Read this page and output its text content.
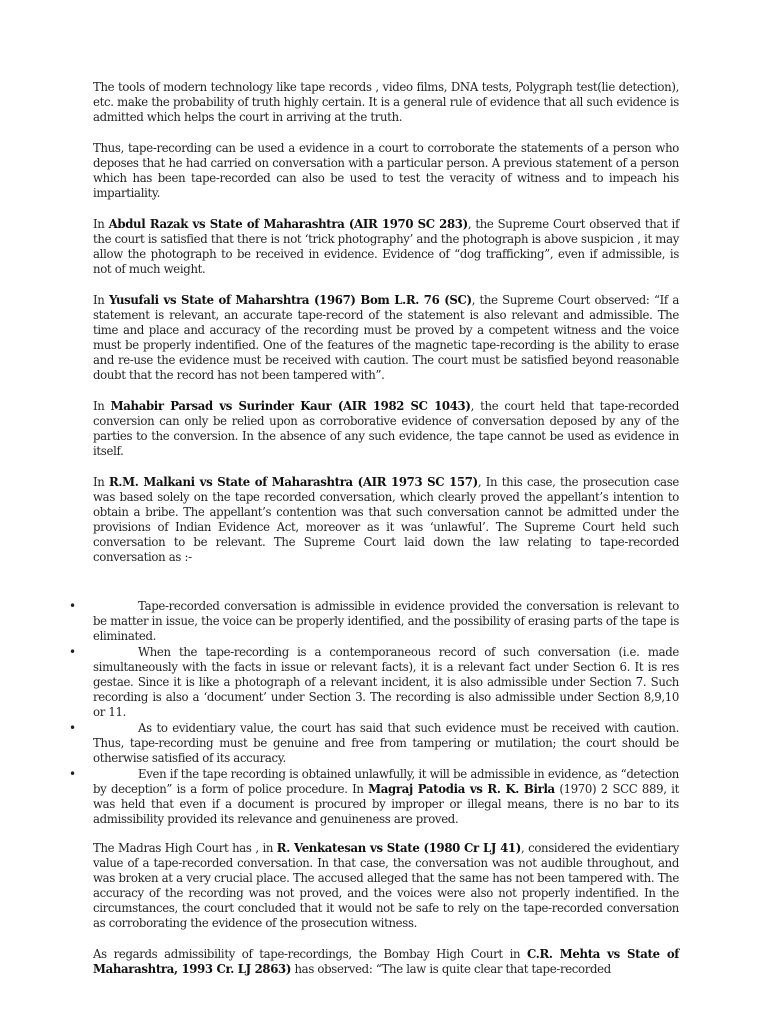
The tools of modern technology like tape records , video films, DNA tests, Polygraph test(lie detection), etc. make the probability of truth highly certain. It is a general rule of evidence that all such evidence is admitted which helps the court in arriving at the truth.

Thus, tape-recording can be used a evidence in a court to corroborate the statements of a person who deposes that he had carried on conversation with a particular person. A previous statement of a person which has been tape-recorded can also be used to test the veracity of witness and to impeach his impartiality.

In Abdul Razak vs State of Maharashtra (AIR 1970 SC 283), the Supreme Court observed that if the court is satisfied that there is not ‘trick photography’ and the photograph is above suspicion , it may allow the photograph to be received in evidence. Evidence of “dog trafficking”, even if admissible, is not of much weight.

In Yusufali vs State of Maharshtra (1967) Bom L.R. 76 (SC), the Supreme Court observed: “If a statement is relevant, an accurate tape-record of the statement is also relevant and admissible. The time and place and accuracy of the recording must be proved by a competent witness and the voice must be properly indentified. One of the features of the magnetic tape-recording is the ability to erase and re-use the evidence must be received with caution. The court must be satisfied beyond reasonable doubt that the record has not been tampered with”.

In Mahabir Parsad vs Surinder Kaur (AIR 1982 SC 1043), the court held that tape-recorded conversion can only be relied upon as corroborative evidence of conversation deposed by any of the parties to the conversion. In the absence of any such evidence, the tape cannot be used as evidence in itself.

In R.M. Malkani vs State of Maharashtra (AIR 1973 SC 157), In this case, the prosecution case was based solely on the tape recorded conversation, which clearly proved the appellant’s intention to obtain a bribe. The appellant’s contention was that such conversation cannot be admitted under the provisions of Indian Evidence Act, moreover as it was ‘unlawful’. The Supreme Court held such conversation to be relevant. The Supreme Court laid down the law relating to tape-recorded conversation as :-

•	Tape-recorded conversation is admissible in evidence provided the conversation is relevant to be matter in issue, the voice can be properly identified, and the possibility of erasing parts of the tape is eliminated.
•	When the tape-recording is a contemporaneous record of such conversation (i.e. made simultaneously with the facts in issue or relevant facts), it is a relevant fact under Section 6. It is res gestae. Since it is like a photograph of a relevant incident, it is also admissible under Section 7. Such recording is also a ‘document’ under Section 3. The recording is also admissible under Section 8,9,10 or 11.
•	As to evidentiary value, the court has said that such evidence must be received with caution. Thus, tape-recording must be genuine and free from tampering or mutilation; the court should be otherwise satisfied of its accuracy.
•	Even if the tape recording is obtained unlawfully, it will be admissible in evidence, as “detection by deception” is a form of police procedure. In Magraj Patodia vs R. K. Birla (1970) 2 SCC 889, it was held that even if a document is procured by improper or illegal means, there is no bar to its admissibility provided its relevance and genuineness are proved.

The Madras High Court has , in R. Venkatesan vs State (1980 Cr LJ 41), considered the evidentiary value of a tape-recorded conversation. In that case, the conversation was not audible throughout, and was broken at a very crucial place. The accused alleged that the same has not been tampered with. The accuracy of the recording was not proved, and the voices were also not properly indentified. In the circumstances, the court concluded that it would not be safe to rely on the tape-recorded conversation as corroborating the evidence of the prosecution witness.

As regards admissibility of tape-recordings, the Bombay High Court in C.R. Mehta vs State of Maharashtra, 1993 Cr. LJ 2863) has observed: “The law is quite clear that tape-recorded
